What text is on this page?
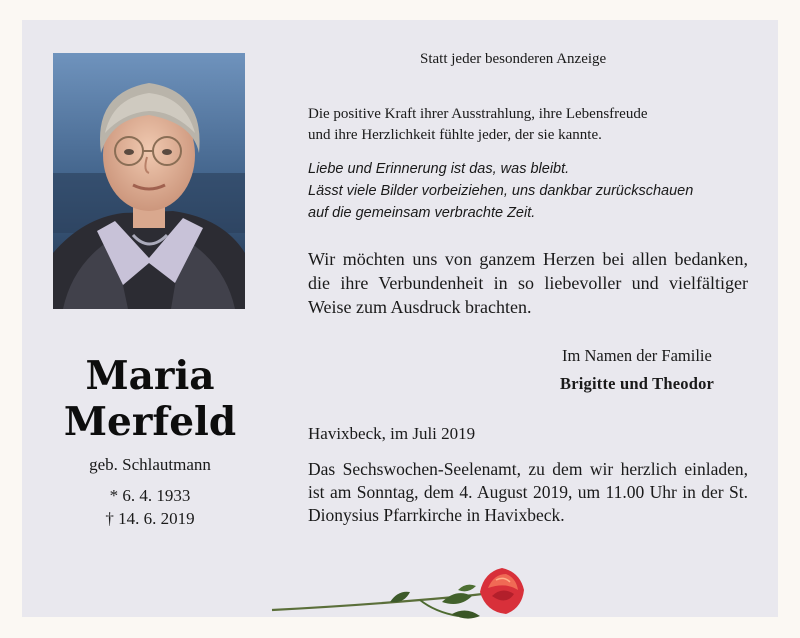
Maria
Merfeld
geb. Schlautmann
* 6. 4. 1933
† 14. 6. 2019
Statt jeder besonderen Anzeige
Die positive Kraft ihrer Ausstrahlung, ihre Lebensfreude
und ihre Herzlichkeit fühlte jeder, der sie kannte.
Liebe und Erinnerung ist das, was bleibt.
Lässt viele Bilder vorbeiziehen, uns dankbar zurückschauen
auf die gemeinsam verbrachte Zeit.
Wir möchten uns von ganzem Herzen bei allen bedanken, die ihre Verbundenheit in so liebevoller und vielfältiger Weise zum Ausdruck brachten.
Im Namen der Familie
Brigitte und Theodor
Havixbeck, im Juli 2019
Das Sechswochen-Seelenamt, zu dem wir herzlich einladen, ist am Sonntag, dem 4. August 2019, um 11.00 Uhr in der St. Dionysius Pfarrkirche in Havixbeck.
